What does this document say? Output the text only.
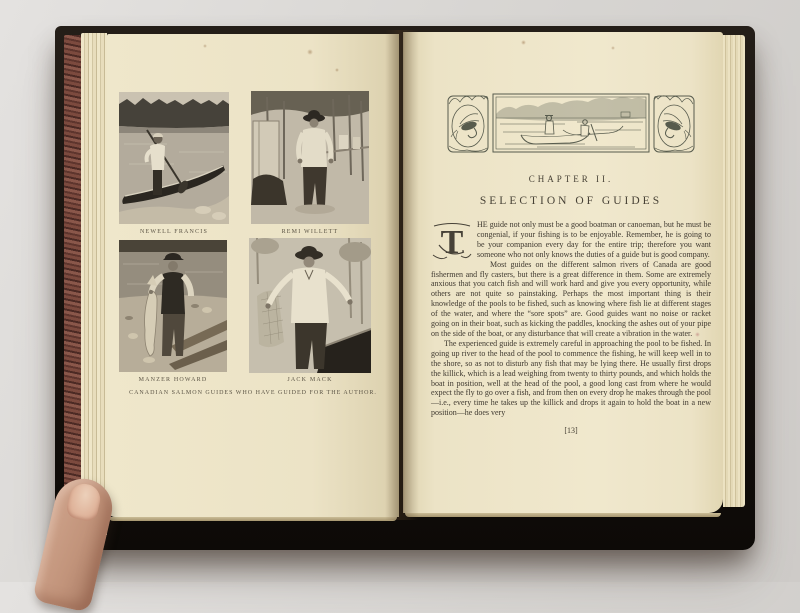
NEWELL FRANCIS	REMI WILLETT
MANZER HOWARD	JACK MACK
CANADIAN SALMON GUIDES WHO HAVE GUIDED FOR THE AUTHOR.
CHAPTER II.
SELECTION OF GUIDES

T HE guide not only must be a good boatman or canoeman, but he must be congenial, if your fishing is to be enjoyable. Remember, he is going to be your companion every day for the entire trip; therefore you want someone who not only knows the duties of a guide but is good company.

Most guides on the different salmon rivers of Canada are good fishermen and fly casters, but there is a great difference in them. Some are extremely anxious that you catch fish and will work hard and give you every opportunity, while others are not quite so painstaking. Perhaps the most important thing is their knowledge of the pools to be fished, such as knowing where fish lie at different stages of the water, and where the “sore spots” are. Good guides want no noise or racket going on in their boat, such as kicking the paddles, knocking the ashes out of your pipe on the side of the boat, or any disturbance that will create a vibration in the water.

The experienced guide is extremely careful in approaching the pool to be fished. In going up river to the head of the pool to commence the fishing, he will keep well in to the shore, so as not to disturb any fish that may be lying there. He usually first drops the killick, which is a lead weighing from twenty to thirty pounds, and which holds the boat in position, well at the head of the pool, a good long cast from where he would expect the fly to go over a fish, and from then on every drop he makes through the pool—i.e., every time he takes up the killick and drops it again to hold the boat in a new position—he does very

[13]
